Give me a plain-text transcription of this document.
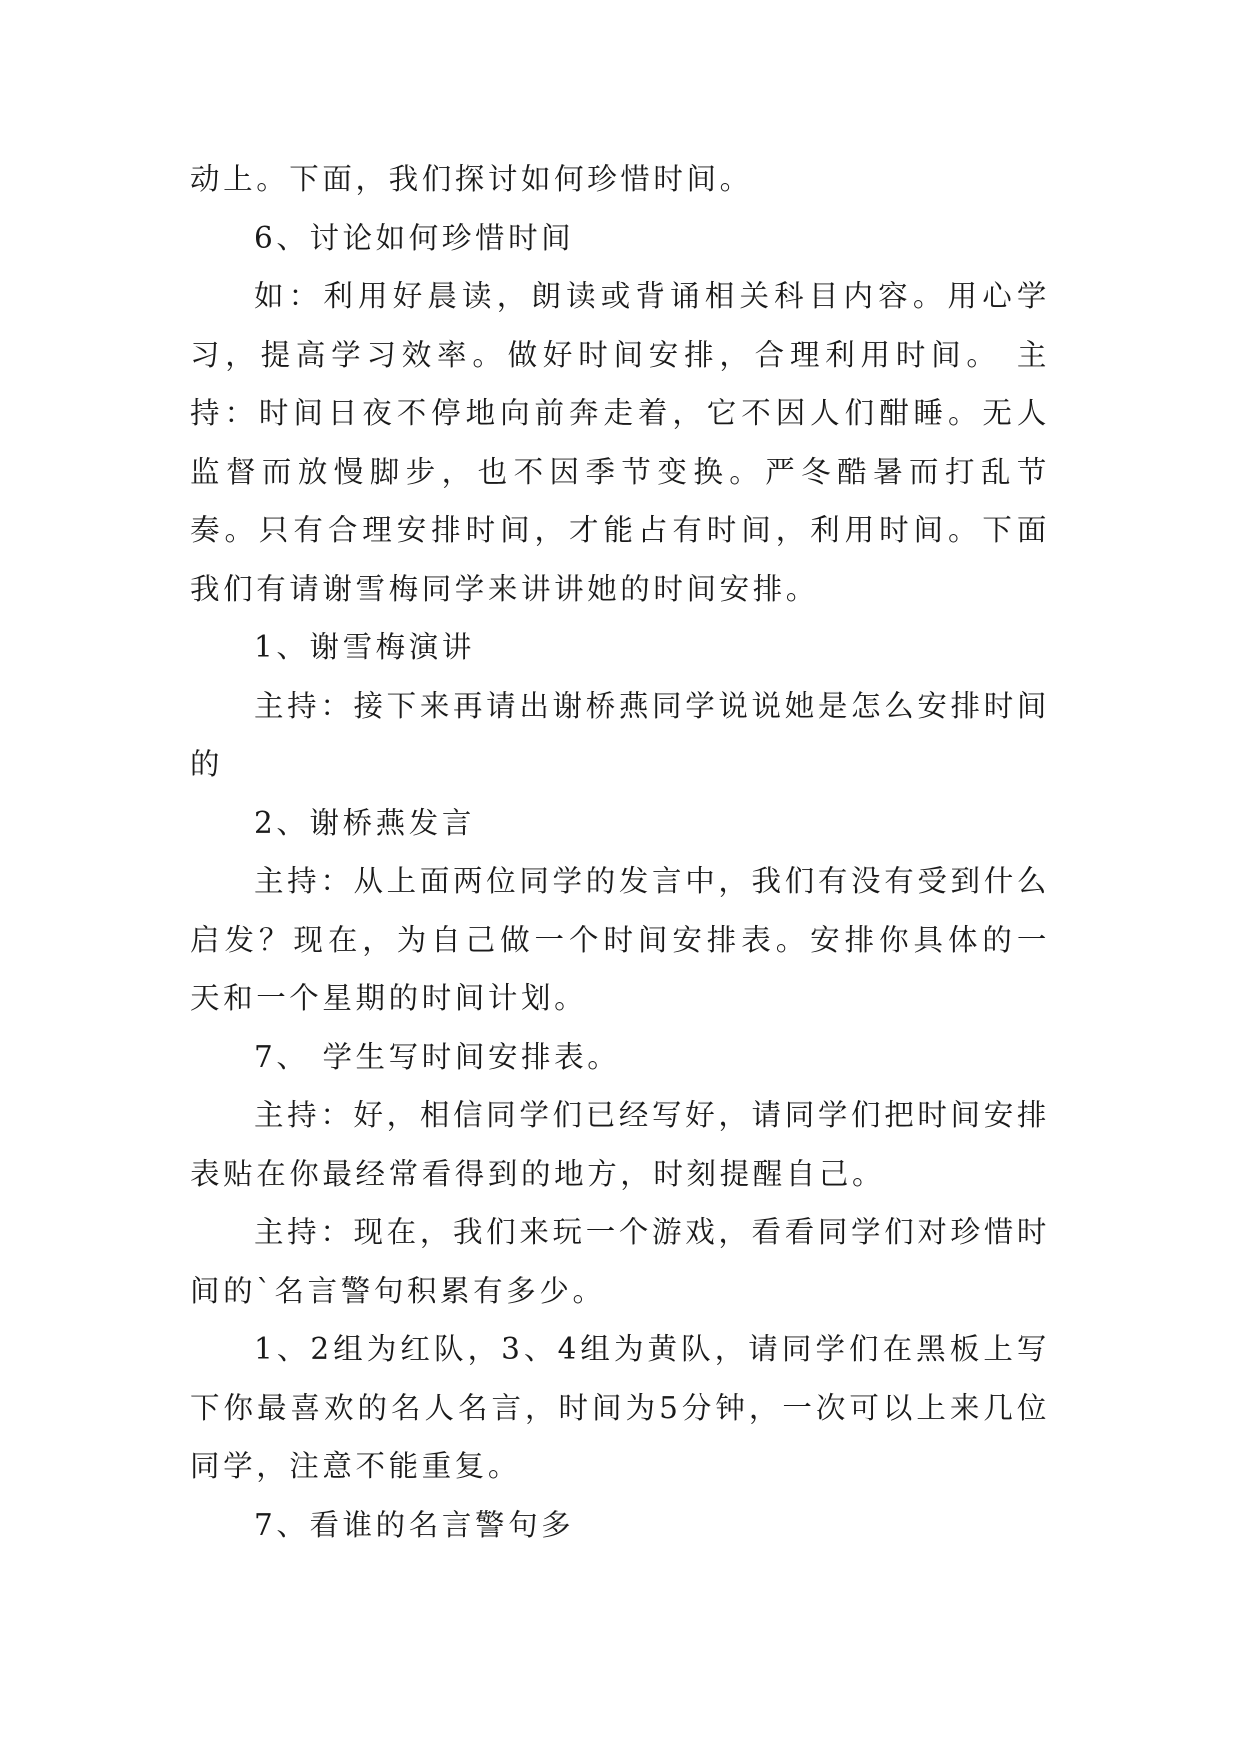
动上。下面，我们探讨如何珍惜时间。

6、讨论如何珍惜时间

如：利用好晨读，朗读或背诵相关科目内容。用心学习，提高学习效率。做好时间安排，合理利用时间。 主持：时间日夜不停地向前奔走着，它不因人们酣睡。无人监督而放慢脚步，也不因季节变换。严冬酷暑而打乱节奏。只有合理安排时间，才能占有时间，利用时间。下面我们有请谢雪梅同学来讲讲她的时间安排。

1、谢雪梅演讲

主持：接下来再请出谢桥燕同学说说她是怎么安排时间的

2、谢桥燕发言

主持：从上面两位同学的发言中，我们有没有受到什么启发？现在，为自己做一个时间安排表。安排你具体的一天和一个星期的时间计划。

7、 学生写时间安排表。

主持：好，相信同学们已经写好，请同学们把时间安排表贴在你最经常看得到的地方，时刻提醒自己。

主持：现在，我们来玩一个游戏，看看同学们对珍惜时间的`名言警句积累有多少。

1、2组为红队，3、4组为黄队，请同学们在黑板上写下你最喜欢的名人名言，时间为5分钟，一次可以上来几位同学，注意不能重复。

7、看谁的名言警句多
